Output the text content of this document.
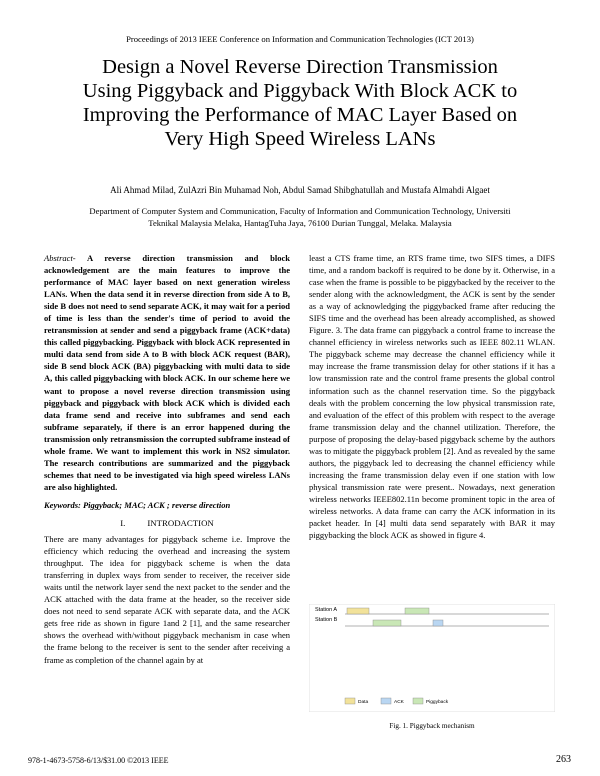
Proceedings of 2013 IEEE Conference on Information and Communication Technologies (ICT 2013)
Design a Novel Reverse Direction Transmission
Using Piggyback and Piggyback With Block ACK to
Improving the Performance of MAC Layer Based on
Very High Speed Wireless LANs
Ali Ahmad Milad, ZulAzri Bin Muhamad Noh, Abdul Samad Shibghatullah and Mustafa Almahdi Algaet
Department of Computer System and Communication, Faculty of Information and Communication Technology, Universiti
Teknikal Malaysia Melaka, HantagTuha Jaya, 76100 Durian Tunggal, Melaka. Malaysia

Abstract- A reverse direction transmission and block acknowledgement are the main features to improve the performance of MAC layer based on next generation wireless LANs. When the data send it in reverse direction from side A to B, side B does not need to send separate ACK, it may wait for a period of time is less than the sender's time of period to avoid the retransmission at sender and send a piggyback frame (ACK+data) this called piggybacking. Piggyback with block ACK represented in multi data send from side A to B with block ACK request (BAR), side B send block ACK (BA) piggybacking with multi data to side A, this called piggybacking with block ACK. In our scheme here we want to propose a novel reverse direction transmission using piggyback and piggyback with block ACK which is divided each data frame send and receive into subframes and send each subframe separately, if there is an error happened during the transmission only retransmission the corrupted subframe instead of whole frame. We want to implement this work in NS2 simulator. The research contributions are summarized and the piggyback schemes that need to be investigated via high speed wireless LANs are also highlighted.

Keywords: Piggyback; MAC; ACK ; reverse direction

I.	INTRODACTION

There are many advantages for piggyback scheme i.e. Improve the efficiency which reducing the overhead and increasing the system throughput. The idea for piggyback scheme is when the data transferring in duplex ways from sender to receiver, the receiver side waits until the network layer send the next packet to the sender and the ACK attached with the data frame at the header, so the receiver side does not need to send separate ACK with separate data, and the ACK gets free ride as shown in figure 1and 2 [1], and the same researcher shows the overhead with/without piggyback mechanism in case when the frame belong to the receiver is sent to the sender after receiving a frame as completion of the channel again by at

least a CTS frame time, an RTS frame time, two SIFS times, a DIFS time, and a random backoff is required to be done by it. Otherwise, in a case when the frame is possible to be piggybacked by the receiver to the sender along with the acknowledgment, the ACK is sent by the sender as a way of acknowledging the piggybacked frame after reducing the SIFS time and the overhead has been already accomplished, as showed Figure. 3. The data frame can piggyback a control frame to increase the channel efficiency in wireless networks such as IEEE 802.11 WLAN. The piggyback scheme may decrease the channel efficiency while it may increase the frame transmission delay for other stations if it has a low transmission rate and the control frame presents the global control information such as the channel reservation time. So the piggyback deals with the problem concerning the low physical transmission rate, and evaluation of the effect of this problem with respect to the average frame transmission delay and the channel utilization. Therefore, the purpose of proposing the delay-based piggyback scheme by the authors was to mitigate the piggyback problem [2]. And as revealed by the same authors, the piggyback led to decreasing the channel efficiency while increasing the frame transmission delay even if one station with low physical transmission rate were present.. Nowadays, next generation wireless networks IEEE802.11n become prominent topic in the area of wireless networks. A data frame can carry the ACK information in its packet header. In [4] multi data send separately with BAR it may piggybacking the block ACK as showed in figure 4.

Station A
Station B
Data	ACK	Piggyback
Fig. 1. Piggyback mechanism
978-1-4673-5758-6/13/$31.00 ©2013 IEEE	263
